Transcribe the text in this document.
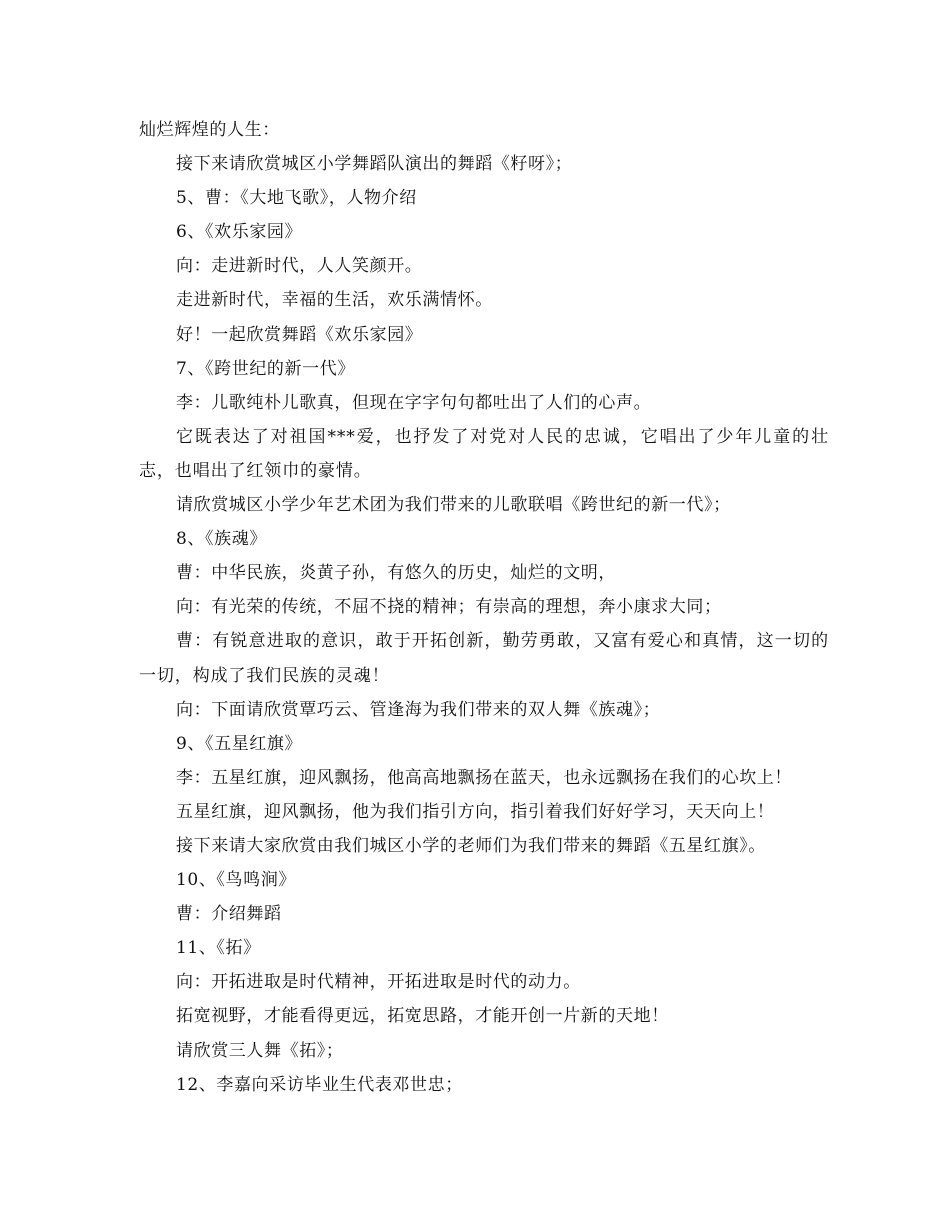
灿烂辉煌的人生：

接下来请欣赏城区小学舞蹈队演出的舞蹈《籽呀》；

5、曹：《大地飞歌》，人物介绍

6、《欢乐家园》

向：走进新时代，人人笑颜开。

走进新时代，幸福的生活，欢乐满情怀。

好！一起欣赏舞蹈《欢乐家园》

7、《跨世纪的新一代》

李：儿歌纯朴儿歌真，但现在字字句句都吐出了人们的心声。

它既表达了对祖国***爱，也抒发了对党对人民的忠诚，它唱出了少年儿童的壮志，也唱出了红领巾的豪情。

请欣赏城区小学少年艺术团为我们带来的儿歌联唱《跨世纪的新一代》；

8、《族魂》

曹：中华民族，炎黄子孙，有悠久的历史，灿烂的文明，

向：有光荣的传统，不屈不挠的精神；有崇高的理想，奔小康求大同；

曹：有锐意进取的意识，敢于开拓创新，勤劳勇敢，又富有爱心和真情，这一切的一切，构成了我们民族的灵魂！

向：下面请欣赏覃巧云、管逢海为我们带来的双人舞《族魂》；

9、《五星红旗》

李：五星红旗，迎风飘扬，他高高地飘扬在蓝天，也永远飘扬在我们的心坎上！

五星红旗，迎风飘扬，他为我们指引方向，指引着我们好好学习，天天向上！

接下来请大家欣赏由我们城区小学的老师们为我们带来的舞蹈《五星红旗》。

10、《鸟鸣涧》

曹：介绍舞蹈

11、《拓》

向：开拓进取是时代精神，开拓进取是时代的动力。

拓宽视野，才能看得更远，拓宽思路，才能开创一片新的天地！

请欣赏三人舞《拓》；

12、李嘉向采访毕业生代表邓世忠；
